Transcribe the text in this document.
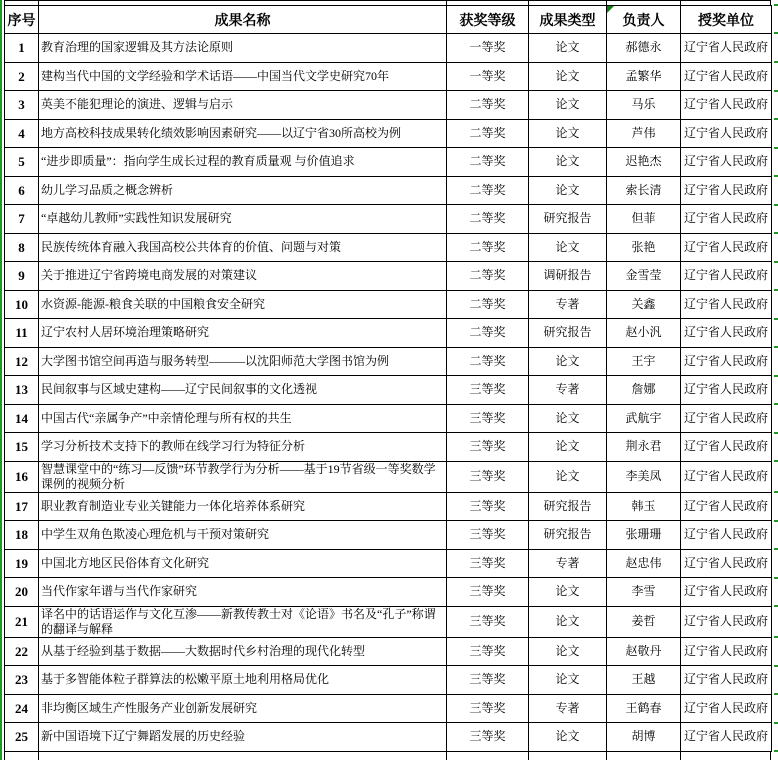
序号	成果名称	获奖等级	成果类型	负责人	授奖单位
1	教育治理的国家逻辑及其方法论原则	一等奖	论文	郝德永	辽宁省人民政府
2	建构当代中国的文学经验和学术话语——中国当代文学史研究70年	一等奖	论文	孟繁华	辽宁省人民政府
3	英美不能犯理论的演进、逻辑与启示	二等奖	论文	马乐	辽宁省人民政府
4	地方高校科技成果转化绩效影响因素研究——以辽宁省30所高校为例	二等奖	论文	芦伟	辽宁省人民政府
5	“进步即质量”：指向学生成长过程的教育质量观 与价值追求	二等奖	论文	迟艳杰	辽宁省人民政府
6	幼儿学习品质之概念辨析	二等奖	论文	索长清	辽宁省人民政府
7	“卓越幼儿教师”实践性知识发展研究	二等奖	研究报告	但菲	辽宁省人民政府
8	民族传统体育融入我国高校公共体育的价值、问题与对策	二等奖	论文	张艳	辽宁省人民政府
9	关于推进辽宁省跨境电商发展的对策建议	二等奖	调研报告	金雪莹	辽宁省人民政府
10	水资源-能源-粮食关联的中国粮食安全研究	二等奖	专著	关鑫	辽宁省人民政府
11	辽宁农村人居环境治理策略研究	二等奖	研究报告	赵小汎	辽宁省人民政府
12	大学图书馆空间再造与服务转型———以沈阳师范大学图书馆为例	二等奖	论文	王宇	辽宁省人民政府
13	民间叙事与区域史建构——辽宁民间叙事的文化透视	三等奖	专著	詹娜	辽宁省人民政府
14	中国古代“亲属争产”中亲情伦理与所有权的共生	三等奖	论文	武航宇	辽宁省人民政府
15	学习分析技术支持下的教师在线学习行为特征分析	三等奖	论文	荆永君	辽宁省人民政府
16	智慧课堂中的“练习—反馈”环节教学行为分析——基于19节省级一等奖数学课例的视频分析	三等奖	论文	李美凤	辽宁省人民政府
17	职业教育制造业专业关键能力一体化培养体系研究	三等奖	研究报告	韩玉	辽宁省人民政府
18	中学生双角色欺凌心理危机与干预对策研究	三等奖	研究报告	张珊珊	辽宁省人民政府
19	中国北方地区民俗体育文化研究	三等奖	专著	赵忠伟	辽宁省人民政府
20	当代作家年谱与当代作家研究	三等奖	论文	李雪	辽宁省人民政府
21	译名中的话语运作与文化互渗——新教传教士对《论语》书名及“孔子”称谓的翻译与解释	三等奖	论文	姜哲	辽宁省人民政府
22	从基于经验到基于数据——大数据时代乡村治理的现代化转型	三等奖	论文	赵敬丹	辽宁省人民政府
23	基于多智能体粒子群算法的松嫩平原土地利用格局优化	三等奖	论文	王越	辽宁省人民政府
24	非均衡区域生产性服务产业创新发展研究	三等奖	专著	王鹤春	辽宁省人民政府
25	新中国语境下辽宁舞蹈发展的历史经验	三等奖	论文	胡博	辽宁省人民政府
